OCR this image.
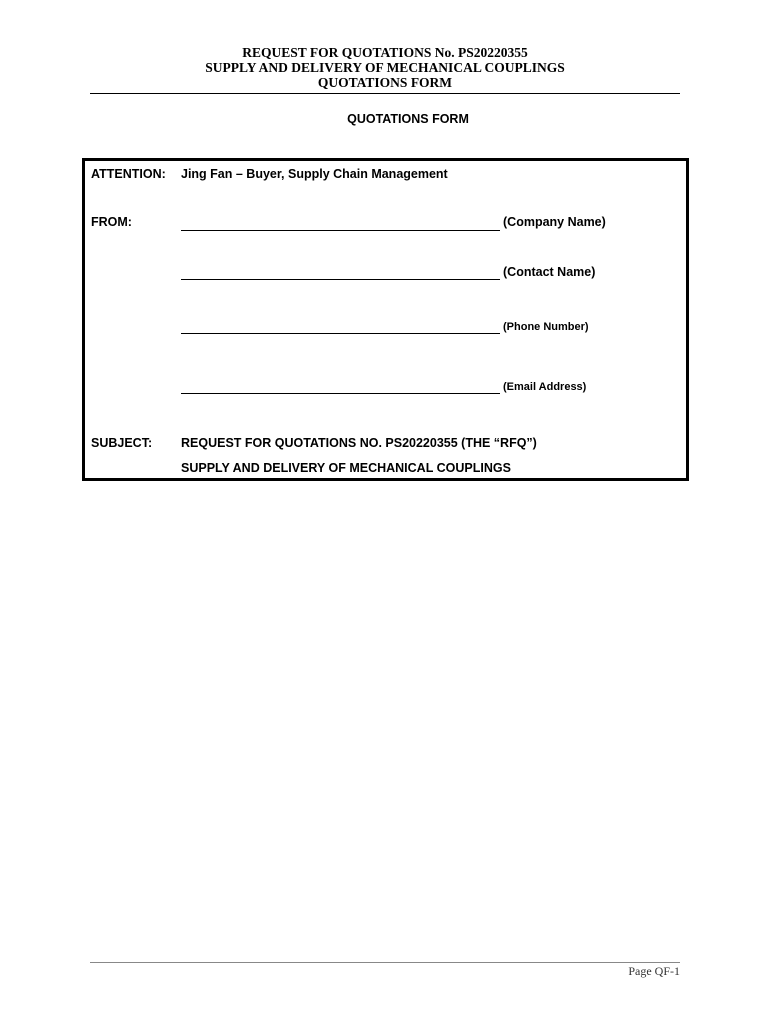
REQUEST FOR QUOTATIONS No. PS20220355
SUPPLY AND DELIVERY OF MECHANICAL COUPLINGS
QUOTATIONS FORM
QUOTATIONS FORM
ATTENTION: Jing Fan – Buyer, Supply Chain Management
FROM:	(Company Name)
(Contact Name)
(Phone Number)
(Email Address)
SUBJECT: REQUEST FOR QUOTATIONS NO. PS20220355 (THE “RFQ”)
SUPPLY AND DELIVERY OF MECHANICAL COUPLINGS
Page QF-1
